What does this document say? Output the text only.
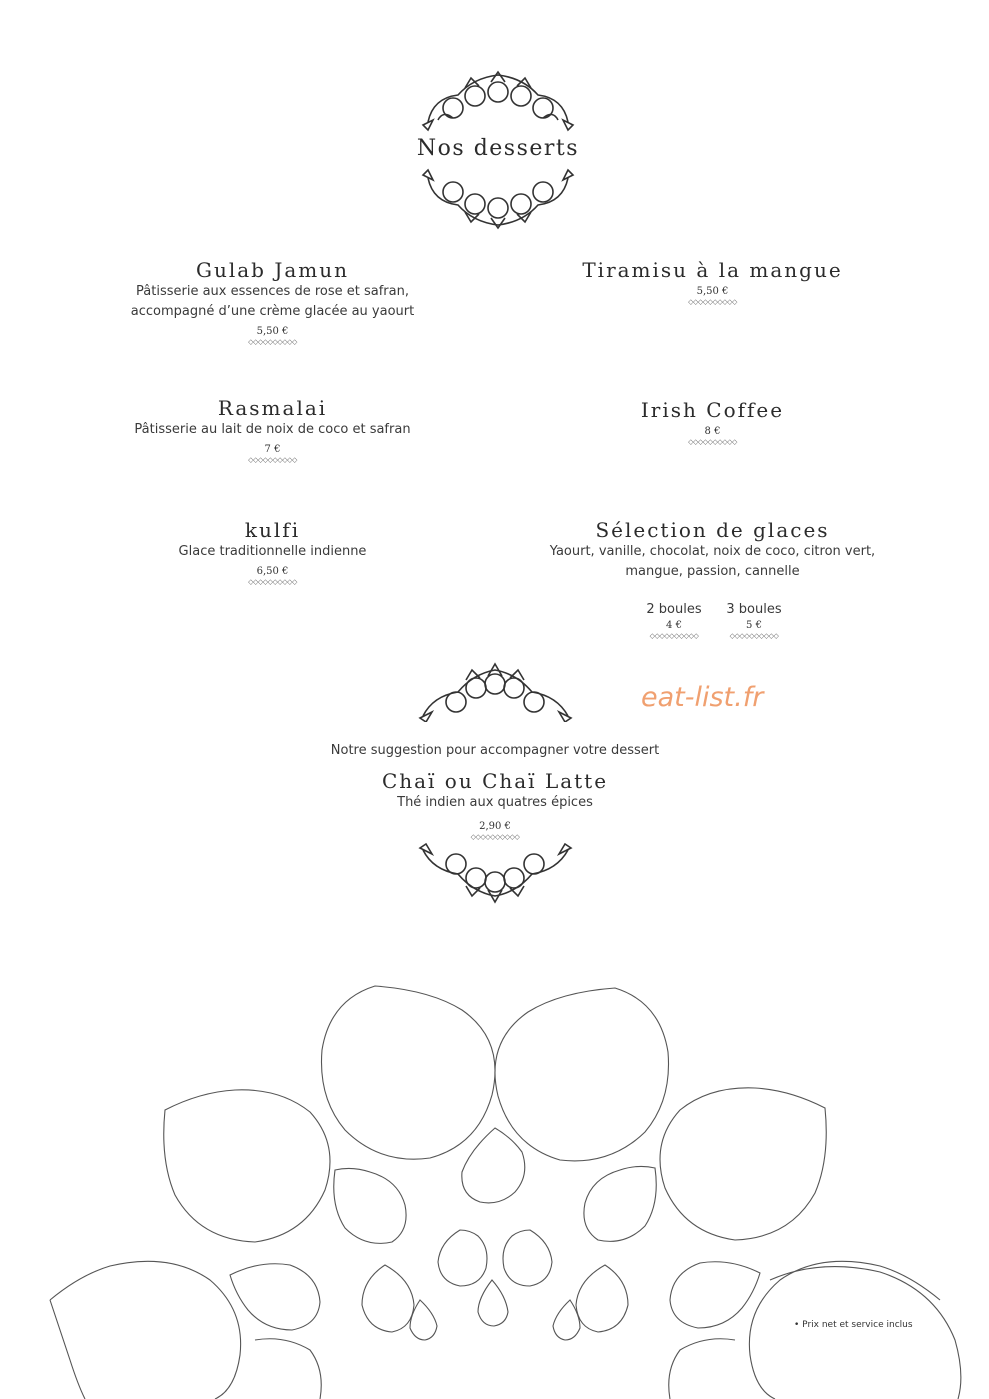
Nos desserts
Gulab Jamun
Pâtisserie aux essences de rose et safran,
accompagné d’une crème glacée au yaourt
5,50 €
◇◇◇◇◇◇◇◇◇◇
Tiramisu à la mangue
5,50 €
◇◇◇◇◇◇◇◇◇◇
Rasmalai
Pâtisserie au lait de noix de coco et safran
7 €
◇◇◇◇◇◇◇◇◇◇
Irish Coffee
8 €
◇◇◇◇◇◇◇◇◇◇
kulfi
Glace traditionnelle indienne
6,50 €
◇◇◇◇◇◇◇◇◇◇
Sélection de glaces
Yaourt, vanille, chocolat, noix de coco, citron vert,
mangue, passion, cannelle
2 boules
4 €
◇◇◇◇◇◇◇◇◇◇
3 boules
5 €
◇◇◇◇◇◇◇◇◇◇
eat-list.fr
Notre suggestion pour accompagner votre dessert
Chaï ou Chaï Latte
Thé indien aux quatres épices
2,90 €
◇◇◇◇◇◇◇◇◇◇
• Prix net et service inclus
